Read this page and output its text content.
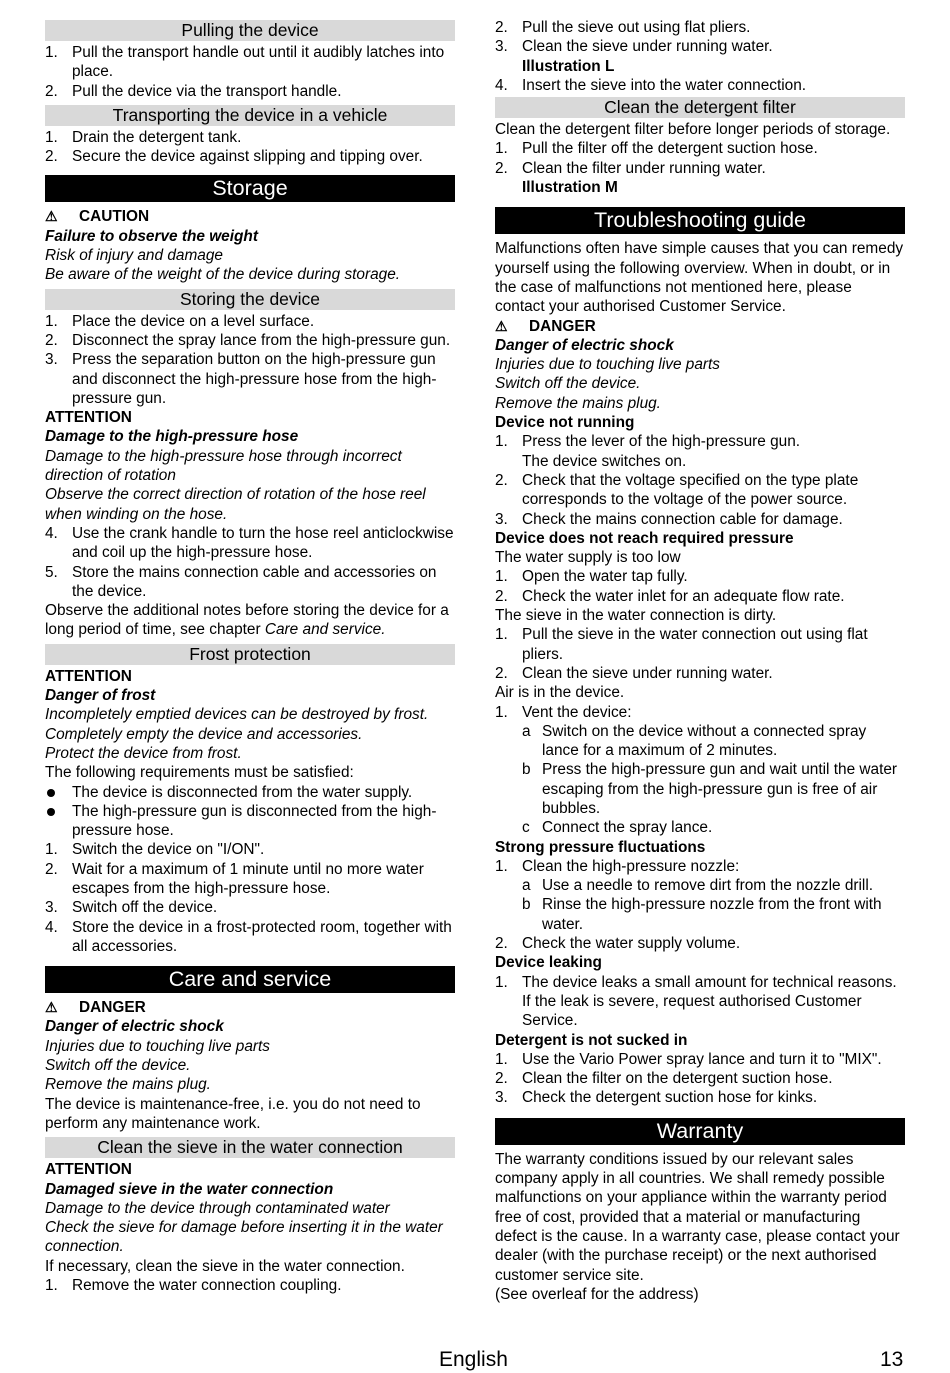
Pulling the device
1. Pull the transport handle out until it audibly latches into place.
2. Pull the device via the transport handle.
Transporting the device in a vehicle
1. Drain the detergent tank.
2. Secure the device against slipping and tipping over.
Storage
⚠	CAUTION

Failure to observe the weight

Risk of injury and damage

Be aware of the weight of the device during storage.

Storing the device
1. Place the device on a level surface.
2. Disconnect the spray lance from the high-pressure gun.
3. Press the separation button on the high-pressure gun and disconnect the high-pressure hose from the high-pressure gun.

ATTENTION

Damage to the high-pressure hose

Damage to the high-pressure hose through incorrect direction of rotation

Observe the correct direction of rotation of the hose reel when winding on the hose.

4. Use the crank handle to turn the hose reel anticlockwise and coil up the high-pressure hose.
5. Store the mains connection cable and accessories on the device.

Observe the additional notes before storing the device for a long period of time, see chapter Care and service.

Frost protection

ATTENTION

Danger of frost

Incompletely emptied devices can be destroyed by frost.

Completely empty the device and accessories.

Protect the device from frost.

The following requirements must be satisfied:

The device is disconnected from the water supply.
The high-pressure gun is disconnected from the high-pressure hose.
1. Switch the device on "I/ON".
2. Wait for a maximum of 1 minute until no more water escapes from the high-pressure hose.
3. Switch off the device.
4. Store the device in a frost-protected room, together with all accessories.
Care and service
⚠	DANGER

Danger of electric shock

Injuries due to touching live parts

Switch off the device.

Remove the mains plug.

The device is maintenance-free, i.e. you do not need to perform any maintenance work.

Clean the sieve in the water connection

ATTENTION

Damaged sieve in the water connection

Damage to the device through contaminated water

Check the sieve for damage before inserting it in the water connection.

If necessary, clean the sieve in the water connection.

1. Remove the water connection coupling.
2. Pull the sieve out using flat pliers.
3. Clean the sieve under running water.
Illustration L
4. Insert the sieve into the water connection.
Clean the detergent filter

Clean the detergent filter before longer periods of storage.

1. Pull the filter off the detergent suction hose.
2. Clean the filter under running water.
Illustration M
Troubleshooting guide

Malfunctions often have simple causes that you can remedy yourself using the following overview. When in doubt, or in the case of malfunctions not mentioned here, please contact your authorised Customer Service.

⚠	DANGER

Danger of electric shock

Injuries due to touching live parts

Switch off the device.

Remove the mains plug.

Device not running

1. Press the lever of the high-pressure gun.
The device switches on.
2. Check that the voltage specified on the type plate corresponds to the voltage of the power source.
3. Check the mains connection cable for damage.

Device does not reach required pressure

The water supply is too low

1. Open the water tap fully.
2. Check the water inlet for an adequate flow rate.

The sieve in the water connection is dirty.

1. Pull the sieve in the water connection out using flat pliers.
2. Clean the sieve under running water.

Air is in the device.

1. Vent the device:
a Switch on the device without a connected spray lance for a maximum of 2 minutes.
b Press the high-pressure gun and wait until the water escaping from the high-pressure gun is free of air bubbles.
c Connect the spray lance.

Strong pressure fluctuations

1. Clean the high-pressure nozzle:
a Use a needle to remove dirt from the nozzle drill.
b Rinse the high-pressure nozzle from the front with water.
2. Check the water supply volume.

Device leaking

1. The device leaks a small amount for technical reasons. If the leak is severe, request authorised Customer Service.

Detergent is not sucked in

1. Use the Vario Power spray lance and turn it to "MIX".
2. Clean the filter on the detergent suction hose.
3. Check the detergent suction hose for kinks.
Warranty

The warranty conditions issued by our relevant sales company apply in all countries. We shall remedy possible malfunctions on your appliance within the warranty period free of cost, provided that a material or manufacturing defect is the cause. In a warranty case, please contact your dealer (with the purchase receipt) or the next authorised customer service site.

(See overleaf for the address)

English	13
